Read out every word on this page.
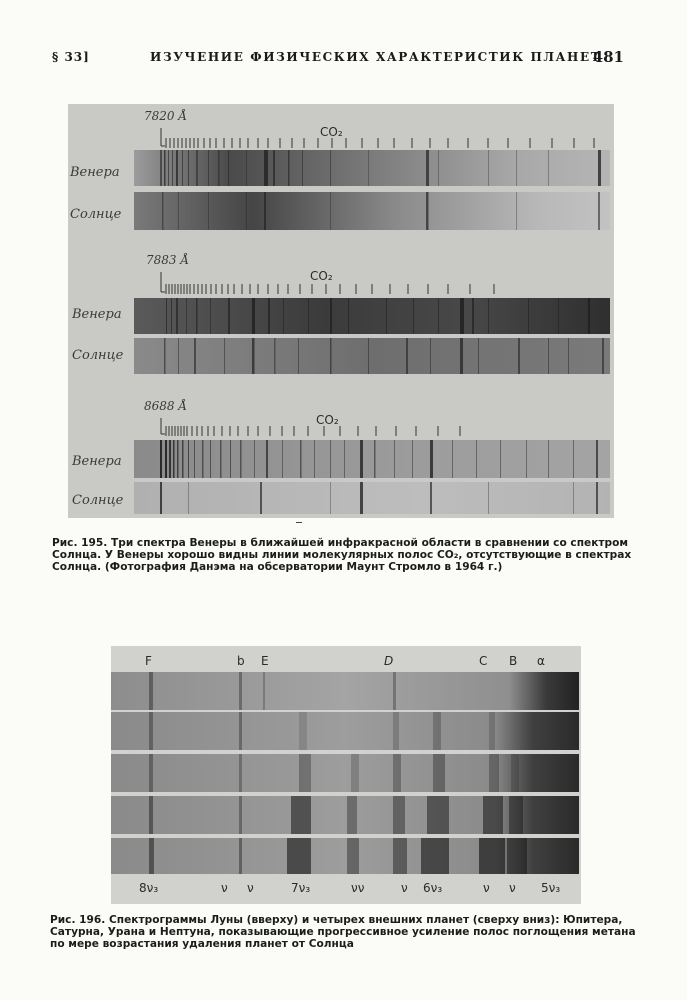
§ 33]	ИЗУЧЕНИЕ ФИЗИЧЕСКИХ ХАРАКТЕРИСТИК ПЛАНЕТ
481
7820 Å
CO₂
Венера
Солнце
7883 Å
CO₂
Венера
Солнце
8688 Å
CO₂
Венера
Солнце

Рис. 195. Три спектра Венеры в ближайшей инфракрасной области в сравнении со спектром Солнца. У Венеры хорошо видны линии молекулярных полос CO₂, отсутствующие в спектрах Солнца. (Фотография Данэма на обсерватории Маунт Стромло в 1964 г.)

F	b E	D	C B α
8ν₃	ν ν	7ν₃	νν	ν 6ν₃	ν ν 5ν₃

Рис. 196. Спектрограммы Луны (вверху) и четырех внешних планет (сверху вниз): Юпитера, Сатурна, Урана и Нептуна, показывающие прогрессивное усиление полос поглощения метана по мере возрастания удаления планет от Солнца
